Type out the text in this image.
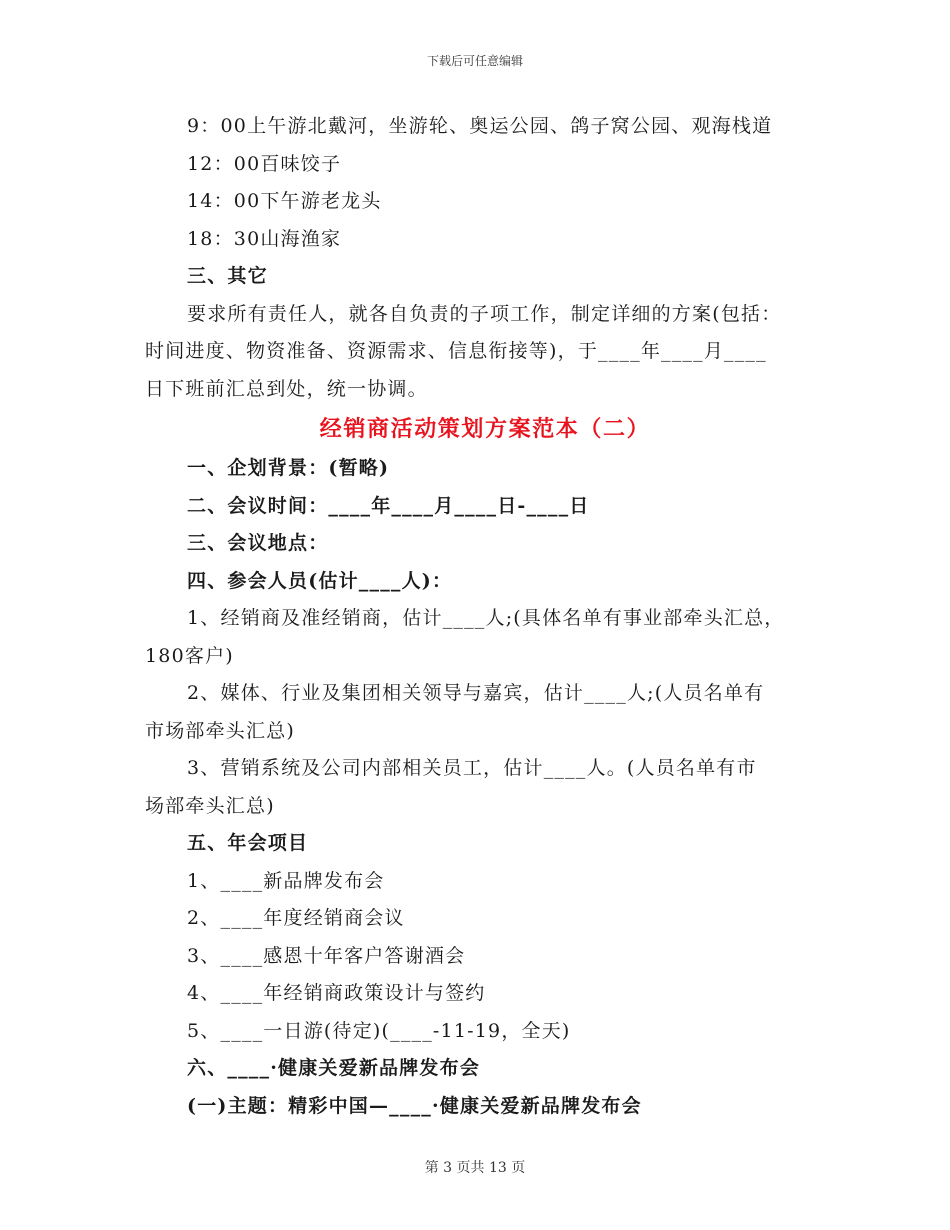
下载后可任意编辑
9：00上午游北戴河，坐游轮、奥运公园、鸽子窝公园、观海栈道
12：00百味饺子
14：00下午游老龙头
18：30山海渔家
三、其它
要求所有责任人，就各自负责的子项工作，制定详细的方案(包括：
时间进度、物资准备、资源需求、信息衔接等)，于____年____月____
日下班前汇总到处，统一协调。
经销商活动策划方案范本（二）
一、企划背景：(暂略)
二、会议时间：____年____月____日-____日
三、会议地点：
四、参会人员(估计____人)：
1、经销商及准经销商，估计____人;(具体名单有事业部牵头汇总，
180客户)
2、媒体、行业及集团相关领导与嘉宾，估计____人;(人员名单有
市场部牵头汇总)
3、营销系统及公司内部相关员工，估计____人。(人员名单有市
场部牵头汇总)
五、年会项目
1、____新品牌发布会
2、____年度经销商会议
3、____感恩十年客户答谢酒会
4、____年经销商政策设计与签约
5、____一日游(待定)(____-11-19，全天)
六、____·健康关爱新品牌发布会
(一)主题：精彩中国—____·健康关爱新品牌发布会
第 3 页共 13 页
